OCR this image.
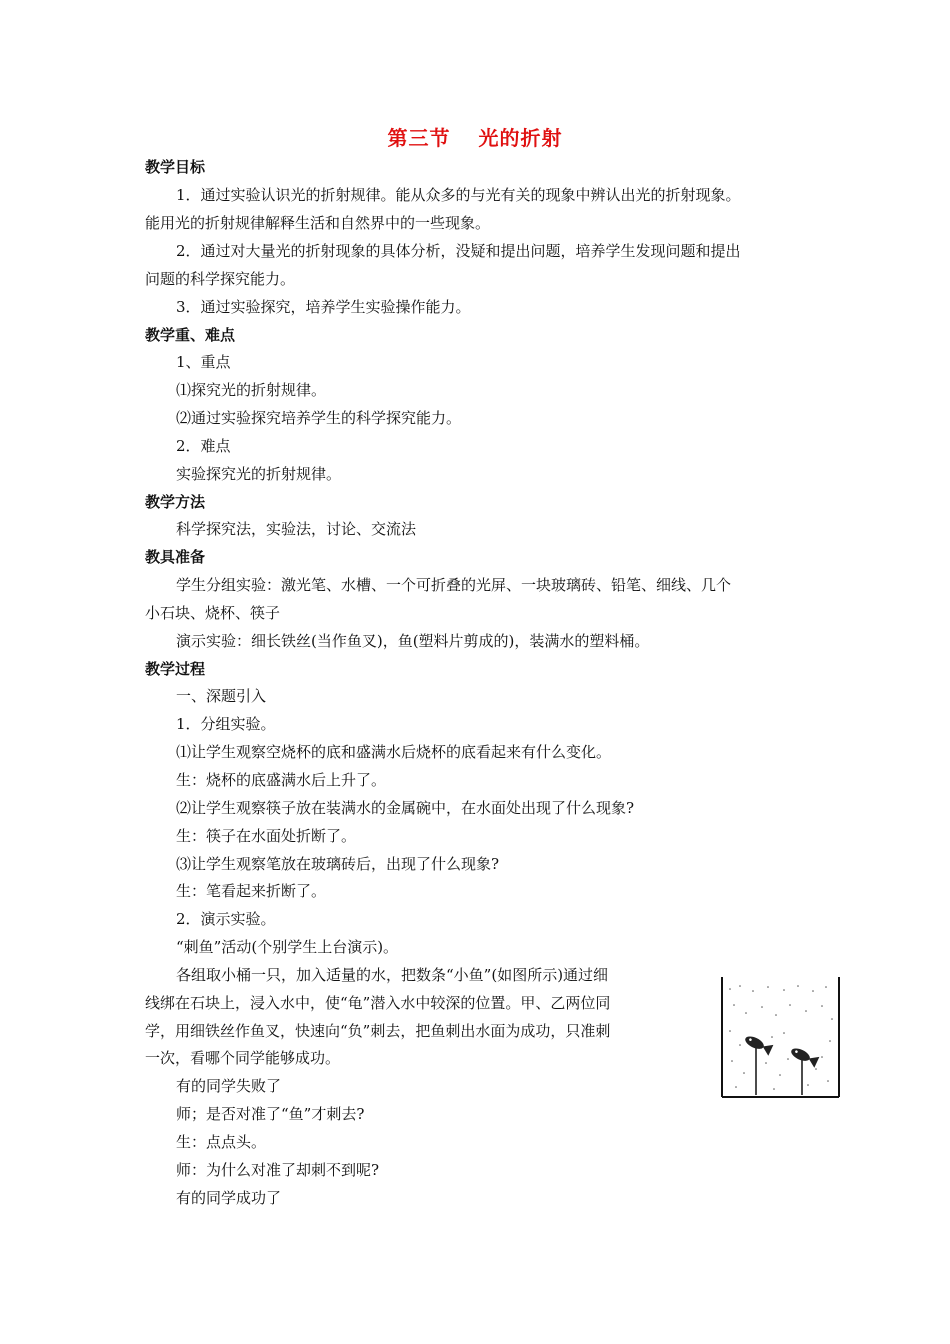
第三节 光的折射
教学目标
1．通过实验认识光的折射规律。能从众多的与光有关的现象中辨认出光的折射现象。
能用光的折射规律解释生活和自然界中的一些现象。
2．通过对大量光的折射现象的具体分析，没疑和提出问题，培养学生发现问题和提出
问题的科学探究能力。
3．通过实验探究，培养学生实验操作能力。
教学重、难点
1、重点
⑴探究光的折射规律。
⑵通过实验探究培养学生的科学探究能力。
2．难点
实验探究光的折射规律。
教学方法
科学探究法，实验法，讨论、交流法
教具准备
学生分组实验：激光笔、水槽、一个可折叠的光屏、一块玻璃砖、铅笔、细线、几个
小石块、烧杯、筷子
演示实验：细长铁丝(当作鱼叉)，鱼(塑料片剪成的)，装满水的塑料桶。
教学过程
一、深题引入
1．分组实验。
⑴让学生观察空烧杯的底和盛满水后烧杯的底看起来有什么变化。
生：烧杯的底盛满水后上升了。
⑵让学生观察筷子放在装满水的金属碗中，在水面处出现了什么现象?
生：筷子在水面处折断了。
⑶让学生观察笔放在玻璃砖后，出现了什么现象?
生：笔看起来折断了。
2．演示实验。
“刺鱼”活动(个别学生上台演示)。
各组取小桶一只，加入适量的水，把数条“小鱼”(如图所示)通过细
线绑在石块上，浸入水中，使“龟”潜入水中较深的位置。甲、乙两位同
学，用细铁丝作鱼叉，快速向“负”刺去，把鱼刺出水面为成功，只准刺
一次，看哪个同学能够成功。
有的同学失败了
师；是否对准了“鱼”才刺去?
生：点点头。
师：为什么对准了却刺不到呢?
有的同学成功了
